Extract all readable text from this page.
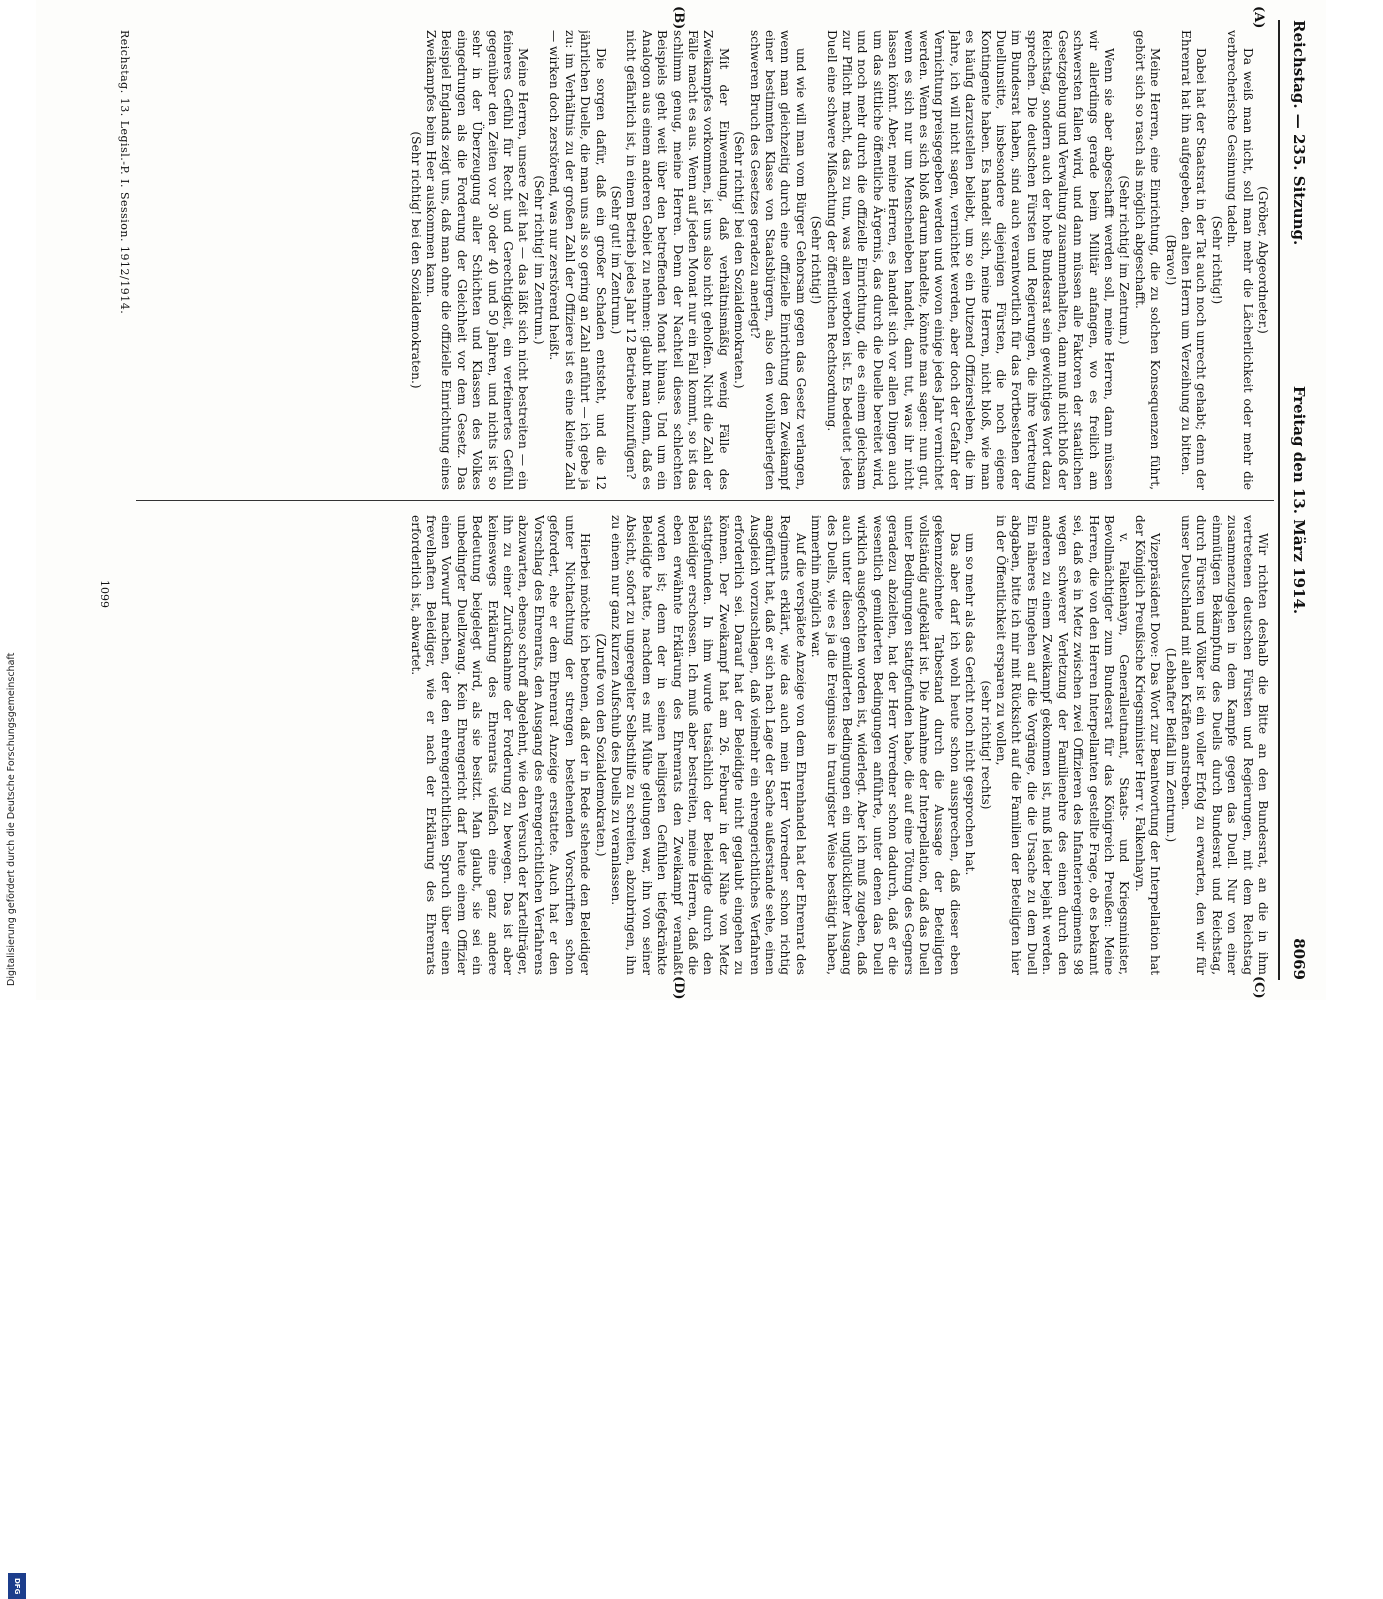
Digitalisierung gefördert durch die Deutsche Forschungsgemeinschaft
DFG
Reichstag. — 235. Sitzung.
Freitag den 13. März 1914.
8069
(A)
(B)
(C)
(D)

(Gröber, Abgeordneter.)

Da weiß man nicht, soll man mehr die Lächerlichkeit oder mehr die verbrecherische Gesinnung tadeln.

(Sehr richtig!)

Dabei hat der Staatsrat in der Tat auch noch unrecht gehabt; denn der Ehrenrat hat ihn aufgegeben, den alten Herrn um Verzeihung zu bitten.

(Bravo!)

Meine Herren, eine Einrichtung, die zu solchen Konsequenzen führt, gehört sich so rasch als möglich abgeschafft.

(Sehr richtig! im Zentrum.)

Wenn sie aber abgeschafft werden soll, meine Herren, dann müssen wir allerdings gerade beim Militär anfangen, wo es freilich am schwersten fallen wird, und dann müssen alle Faktoren der staatlichen Gesetzgebung und Verwaltung zusammenhalten, dann muß nicht bloß der Reichstag, sondern auch der hohe Bundesrat sein gewichtiges Wort dazu sprechen. Die deutschen Fürsten und Regierungen, die ihre Vertretung im Bundesrat haben, sind auch verantwortlich für das Fortbestehen der Duellunsitte, insbesondere diejenigen Fürsten, die noch eigene Kontingente haben. Es handelt sich, meine Herren, nicht bloß, wie man es häufig darzustellen beliebt, um so ein Dutzend Offiziersleben, die im Jahre, ich will nicht sagen, vernichtet werden, aber doch der Gefahr der Vernichtung preisgegeben werden und wovon einige jedes Jahr vernichtet werden. Wenn es sich bloß darum handelte, könnte man sagen: nun gut, wenn es sich nur um Menschenleben handelt, dann tut, was ihr nicht lassen könnt. Aber, meine Herren, es handelt sich vor allen Dingen auch um das sittliche öffentliche Ärgernis, das durch die Duelle bereitet wird, und noch mehr durch die offizielle Einrichtung, die es einem gleichsam zur Pflicht macht, das zu tun, was allen verboten ist. Es bedeutet jedes Duell eine schwere Mißachtung der öffentlichen Rechtsordnung.

(Sehr richtig!)

und wie will man vom Bürger Gehorsam gegen das Gesetz verlangen, wenn man gleichzeitig durch eine offizielle Einrichtung den Zweikampf einer bestimmten Klasse von Staatsbürgern, also den wohlüberlegten schweren Bruch des Gesetzes geradezu anerlegt?

(Sehr richtig! bei den Sozialdemokraten.)

Mit der Einwendung, daß verhältnismäßig wenig Fälle des Zweikampfes vorkommen, ist uns also nicht geholfen. Nicht die Zahl der Fälle macht es aus. Wenn auf jeden Monat nur ein Fall kommt, so ist das schlimm genug, meine Herren. Denn der Nachteil dieses schlechten Beispiels geht weit über den betreffenden Monat hinaus. Und um ein Analogon aus einem anderen Gebiet zu nehmen: glaubt man denn, daß es nicht gefährlich ist, in einem Betrieb jedes Jahr 12 Betriebe hinzufügen?

(Sehr gut! im Zentrum.)

Die sorgen dafür, daß ein großer Schaden entsteht, und die 12 jährlichen Duelle, die man uns als so gering an Zahl anführt — ich gebe ja zu: im Verhältnis zu der großen Zahl der Offiziere ist es eine kleine Zahl — wirken doch zerstörend, was nur zerstörend heißt.

(Sehr richtig! im Zentrum.)

Meine Herren, unsere Zeit hat — das läßt sich nicht bestreiten — ein feineres Gefühl für Recht und Gerechtigkeit, ein verfeinertes Gefühl gegenüber den Zeiten vor 30 oder 40 und 50 Jahren, und nichts ist so sehr in der Überzeugung aller Schichten und Klassen des Volkes eingedrungen als die Forderung der Gleichheit vor dem Gesetz. Das Beispiel Englands zeigt uns, daß man ohne die offizielle Einrichtung eines Zweikampfes beim Heer auskommen kann.

(Sehr richtig! bei den Sozialdemokraten.)

Wir richten deshalb die Bitte an den Bundesrat, an die in ihm vertretenen deutschen Fürsten und Regierungen, mit dem Reichstag zusammenzugehen in dem Kampfe gegen das Duell. Nur von einer einmütigen Bekämpfung des Duells durch Bundesrat und Reichstag, durch Fürsten und Völker ist ein voller Erfolg zu erwarten, den wir für unser Deutschland mit allen Kräften anstreben.

(Lebhafter Beifall im Zentrum.)

Vizepräsident Dove: Das Wort zur Beantwortung der Interpellation hat der Königlich Preußische Kriegsminister Herr v. Falkenhayn.

v. Falkenhayn, Generalleutnant, Staats- und Kriegsminister, Bevollmächtigter zum Bundesrat für das Königreich Preußen: Meine Herren, die von den Herren Interpellanten gestellte Frage, ob es bekannt sei, daß es in Metz zwischen zwei Offizieren des Infanterieregiments 98 wegen schwerer Verletzung der Familienehre des einen durch den anderen zu einem Zweikampf gekommen ist, muß leider bejaht werden. Ein näheres Eingehen auf die Vorgänge, die die Ursache zu dem Duell abgaben, bitte ich mir mit Rücksicht auf die Familien der Beteiligten hier in der Öffentlichkeit ersparen zu wollen,

(sehr richtig! rechts)

um so mehr als das Gericht noch nicht gesprochen hat.

Das aber darf ich wohl heute schon aussprechen, daß dieser eben gekennzeichnete Tatbestand durch die Aussage der Beteiligten vollständig aufgeklärt ist. Die Annahme der Interpellation, daß das Duell unter Bedingungen stattgefunden habe, die auf eine Tötung des Gegners geradezu abzielten, hat der Herr Vorredner schon dadurch, daß er die wesentlich gemilderten Bedingungen anführte, unter denen das Duell wirklich ausgefochten worden ist, widerlegt. Aber ich muß zugeben, daß auch unter diesen gemilderten Bedingungen ein unglücklicher Ausgang des Duells, wie es ja die Ereignisse in traurigster Weise bestätigt haben, immerhin möglich war.

Auf die verspätete Anzeige von dem Ehrenhandel hat der Ehrenrat des Regiments erklärt, wie das auch mein Herr Vorredner schon richtig angeführt hat, daß er sich nach Lage der Sache außerstande sehe, einen Ausgleich vorzuschlagen, daß vielmehr ein ehrengerichtliches Verfahren erforderlich sei. Darauf hat der Beleidigte nicht geglaubt eingehen zu können. Der Zweikampf hat am 26. Februar in der Nähe von Metz stattgefunden. In ihm wurde tatsächlich der Beleidigte durch den Beleidiger erschossen. Ich muß aber bestreiten, meine Herren, daß die eben erwähnte Erklärung des Ehrenrats den Zweikampf veranlaßt worden ist; denn der in seinen heiligsten Gefühlen tiefgekränkte Beleidigte hatte, nachdem es mit Mühe gelungen war, ihn von seiner Absicht, sofort zu ungeregelter Selbsthilfe zu schreiten, abzubringen, ihn zu einem nur ganz kurzen Aufschub des Duells zu veranlassen.

(Zurufe von den Sozialdemokraten.)

Hierbei möchte ich betonen, daß der in Rede stehende den Beleidiger unter Nichtachtung der strengen bestehenden Vorschriften schon gefordert, ehe er dem Ehrenrat Anzeige erstattete. Auch hat er den Vorschlag des Ehrenrats, den Ausgang des ehrengerichtlichen Verfahrens abzuwarten, ebenso schroff abgelehnt, wie den Versuch der Kartellträger, ihn zu einer Zurücknahme der Forderung zu bewegen. Das ist aber keineswegs Erklärung des Ehrenrats vielfach eine ganz andere Bedeutung beigelegt wird, als sie besitzt. Man glaubt, sie sei ein unbedingter Duellzwang. Kein Ehrengericht darf heute einem Offizier einen Vorwurf machen, der den ehrengerichtlichen Spruch über einen frevelhaften Beleidiger, wie er nach der Erklärung des Ehrenrats erforderlich ist, abwartet.

Reichstag. 13. Legisl.-P. I. Session. 1912/1914.
1099
